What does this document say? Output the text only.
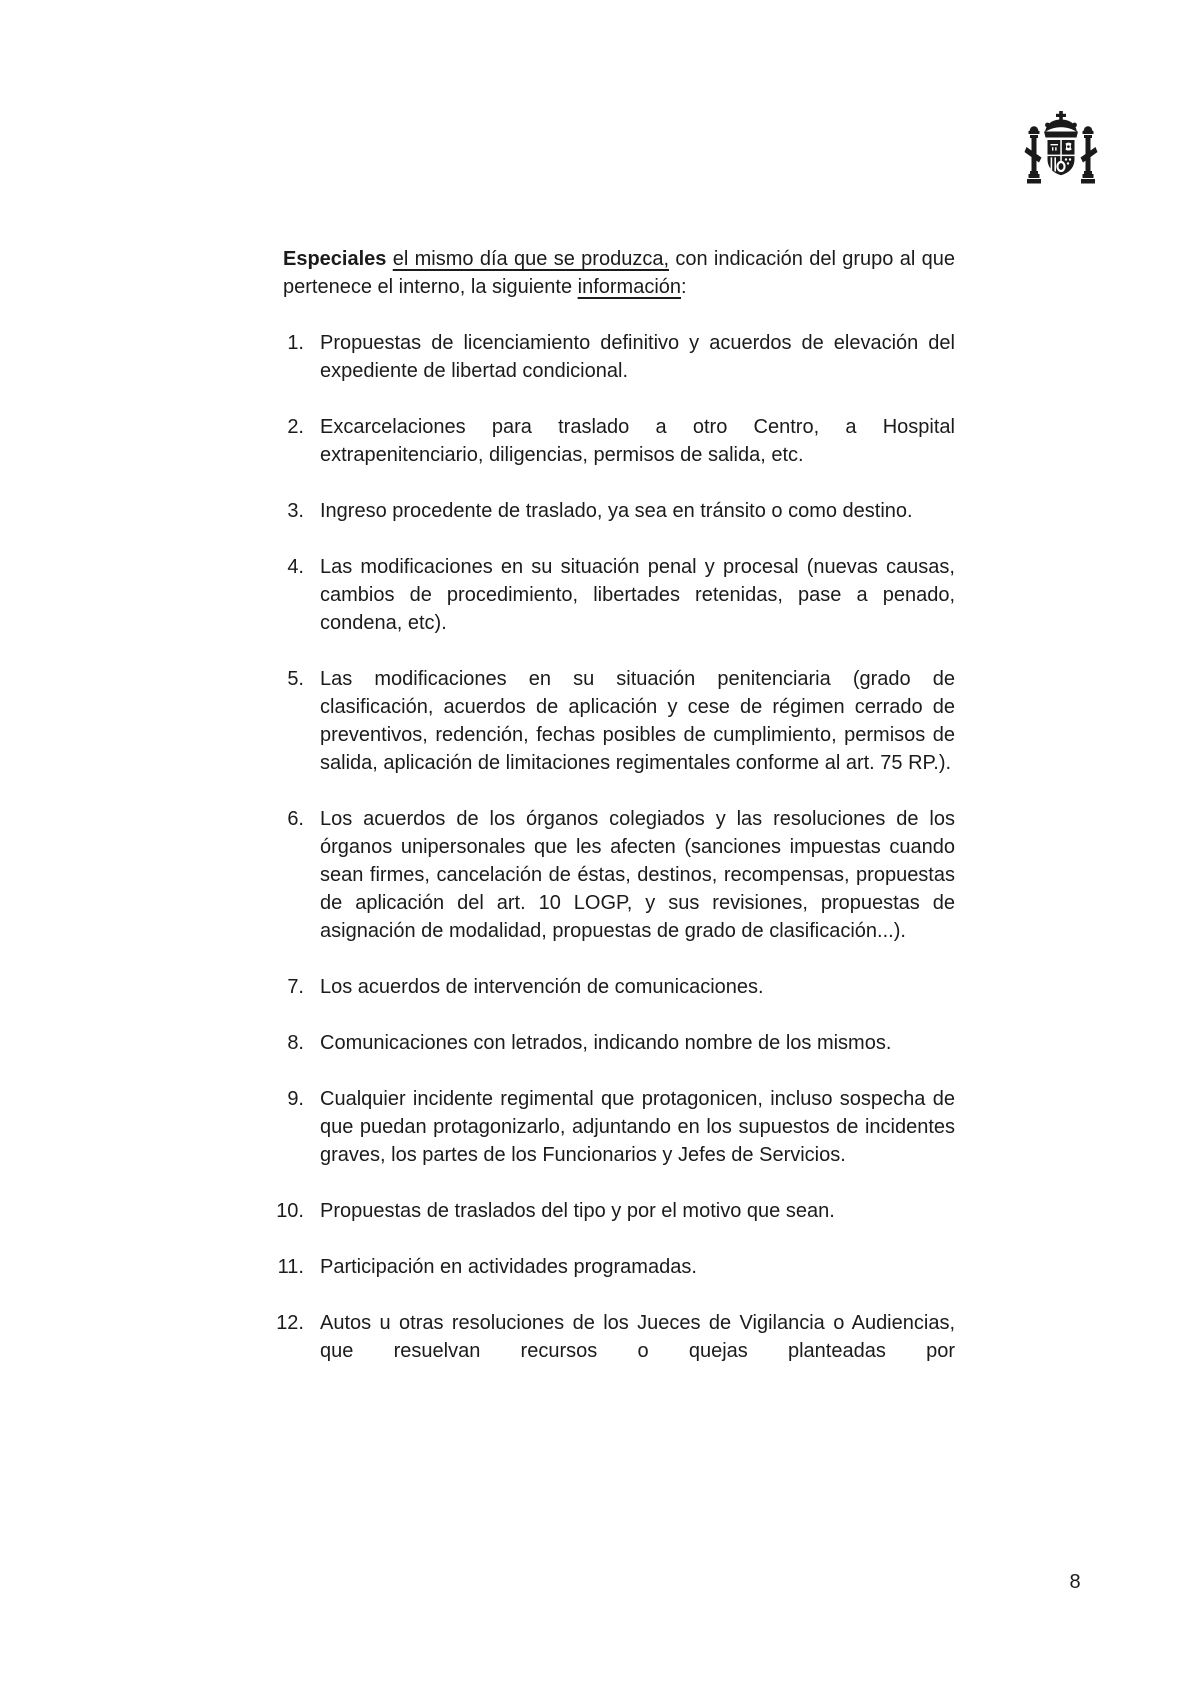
Especiales el mismo día que se produzca, con indicación del grupo al que pertenece el interno, la siguiente información:

1. Propuestas de licenciamiento definitivo y acuerdos de elevación del expediente de libertad condicional.
2. Excarcelaciones para traslado a otro Centro, a Hospital extrapenitenciario, diligencias, permisos de salida, etc.
3. Ingreso procedente de traslado, ya sea en tránsito o como destino.
4. Las modificaciones en su situación penal y procesal (nuevas causas, cambios de procedimiento, libertades retenidas, pase a penado, condena, etc).
5. Las modificaciones en su situación penitenciaria (grado de clasificación, acuerdos de aplicación y cese de régimen cerrado de preventivos, redención, fechas posibles de cumplimiento, permisos de salida, aplicación de limitaciones regimentales conforme al art. 75 RP.).
6. Los acuerdos de los órganos colegiados y las resoluciones de los órganos unipersonales que les afecten (sanciones impuestas cuando sean firmes, cancelación de éstas, destinos, recompensas, propuestas de aplicación del art. 10 LOGP, y sus revisiones, propuestas de asignación de modalidad, propuestas de grado de clasificación...).
7. Los acuerdos de intervención de comunicaciones.
8. Comunicaciones con letrados, indicando nombre de los mismos.
9. Cualquier incidente regimental que protagonicen, incluso sospecha de que puedan protagonizarlo, adjuntando en los supuestos de incidentes graves, los partes de los Funcionarios y Jefes de Servicios.
10. Propuestas de traslados del tipo y por el motivo que sean.
11. Participación en actividades programadas.
12. Autos u otras resoluciones de los Jueces de Vigilancia o Audiencias, que resuelvan recursos o quejas planteadas por
8
